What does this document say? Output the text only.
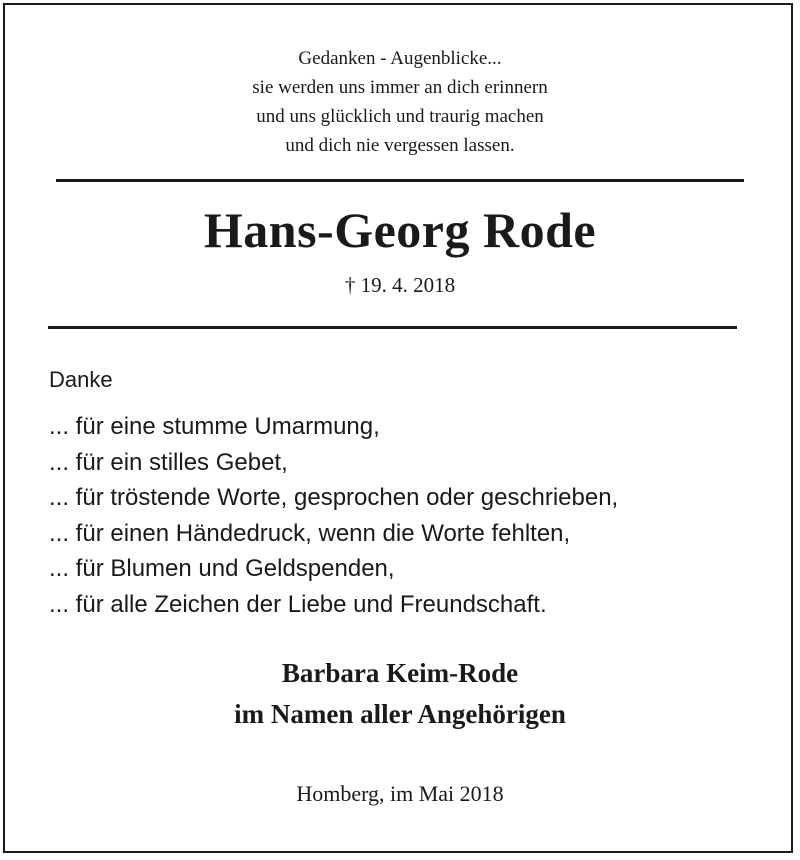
Gedanken - Augenblicke...
sie werden uns immer an dich erinnern
und uns glücklich und traurig machen
und dich nie vergessen lassen.
Hans-Georg Rode
† 19. 4. 2018
Danke
... für eine stumme Umarmung,
... für ein stilles Gebet,
... für tröstende Worte, gesprochen oder geschrieben,
... für einen Händedruck, wenn die Worte fehlten,
... für Blumen und Geldspenden,
... für alle Zeichen der Liebe und Freundschaft.
Barbara Keim-Rode
im Namen aller Angehörigen
Homberg, im Mai 2018
